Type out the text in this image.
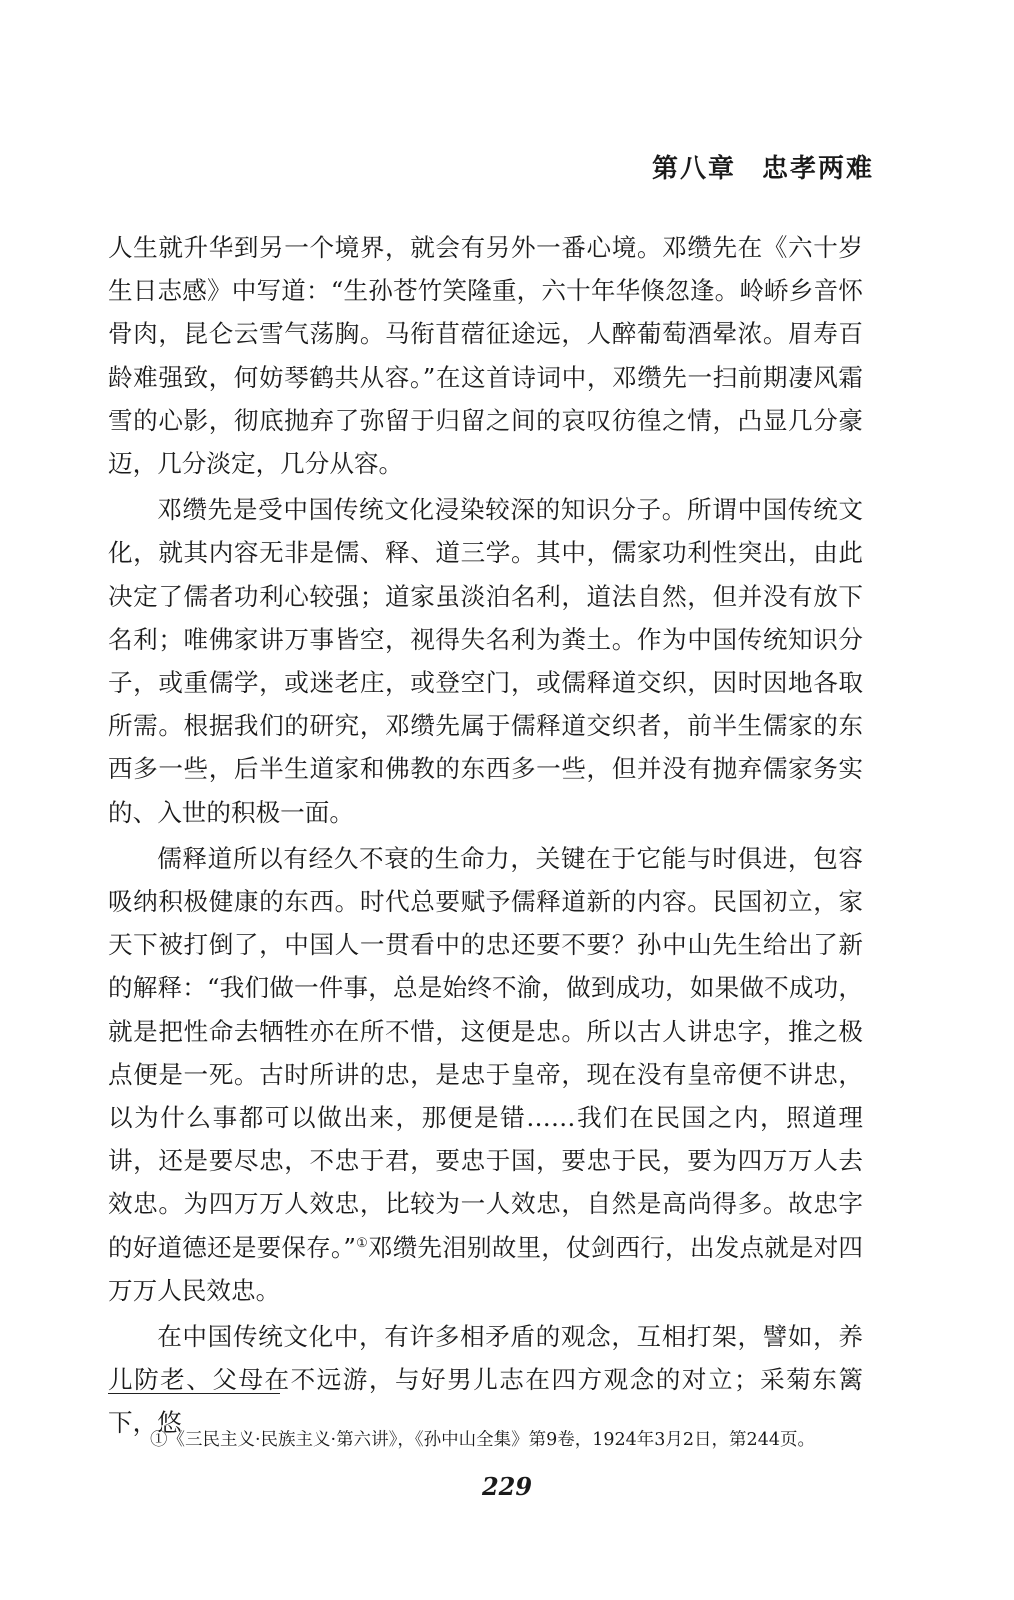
第八章 忠孝两难

人生就升华到另一个境界，就会有另外一番心境。邓缵先在《六十岁生日志感》中写道：“生孙苍竹笑隆重，六十年华倏忽逢。岭峤乡音怀骨肉，昆仑云雪气荡胸。马衔苜蓿征途远，人醉葡萄酒晕浓。眉寿百龄难强致，何妨琴鹤共从容。”在这首诗词中，邓缵先一扫前期凄风霜雪的心影，彻底抛弃了弥留于归留之间的哀叹彷徨之情，凸显几分豪迈，几分淡定，几分从容。

邓缵先是受中国传统文化浸染较深的知识分子。所谓中国传统文化，就其内容无非是儒、释、道三学。其中，儒家功利性突出，由此决定了儒者功利心较强；道家虽淡泊名利，道法自然，但并没有放下名利；唯佛家讲万事皆空，视得失名利为粪土。作为中国传统知识分子，或重儒学，或迷老庄，或登空门，或儒释道交织，因时因地各取所需。根据我们的研究，邓缵先属于儒释道交织者，前半生儒家的东西多一些，后半生道家和佛教的东西多一些，但并没有抛弃儒家务实的、入世的积极一面。

儒释道所以有经久不衰的生命力，关键在于它能与时俱进，包容吸纳积极健康的东西。时代总要赋予儒释道新的内容。民国初立，家天下被打倒了，中国人一贯看中的忠还要不要？孙中山先生给出了新的解释：“我们做一件事，总是始终不渝，做到成功，如果做不成功，就是把性命去牺牲亦在所不惜，这便是忠。所以古人讲忠字，推之极点便是一死。古时所讲的忠，是忠于皇帝，现在没有皇帝便不讲忠，以为什么事都可以做出来，那便是错……我们在民国之内，照道理讲，还是要尽忠，不忠于君，要忠于国，要忠于民，要为四万万人去效忠。为四万万人效忠，比较为一人效忠，自然是高尚得多。故忠字的好道德还是要保存。”①邓缵先泪别故里，仗剑西行，出发点就是对四万万人民效忠。

在中国传统文化中，有许多相矛盾的观念，互相打架，譬如，养儿防老、父母在不远游，与好男儿志在四方观念的对立；采菊东篱下，悠

①《三民主义·民族主义·第六讲》，《孙中山全集》第9卷，1924年3月2日，第244页。
229
